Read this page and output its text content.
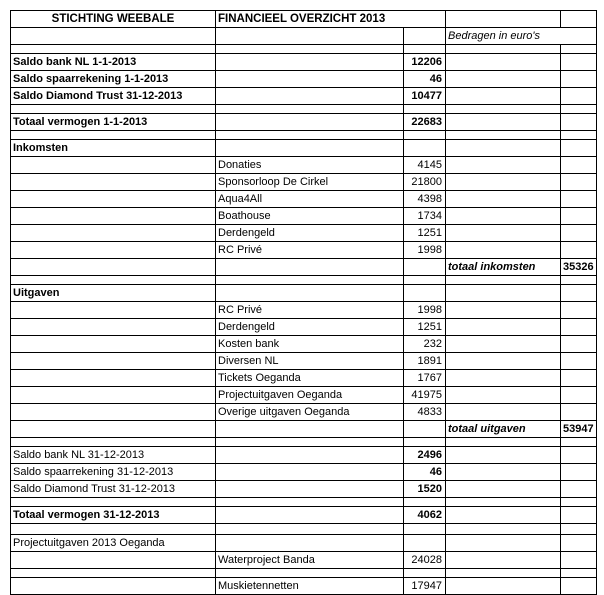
STICHTING WEEBALE	FINANCIEEL OVERZICHT 2013			
			Bedragen in euro's	

Saldo bank NL 1-1-2013		12206		
Saldo spaarrekening 1-1-2013		46		
Saldo Diamond Trust 31-12-2013		10477		

Totaal vermogen 1-1-2013		22683		

Inkomsten				
	Donaties	4145		
	Sponsorloop De Cirkel	21800		
	Aqua4All	4398		
	Boathouse	1734		
	Derdengeld	1251		
	RC Privé	1998		
			totaal inkomsten	35326

Uitgaven				
	RC Privé	1998		
	Derdengeld	1251		
	Kosten bank	232		
	Diversen NL	1891		
	Tickets Oeganda	1767		
	Projectuitgaven Oeganda	41975		
	Overige uitgaven Oeganda	4833		
			totaal uitgaven	53947

Saldo bank NL 31-12-2013		2496		
Saldo spaarrekening 31-12-2013		46		
Saldo Diamond Trust 31-12-2013		1520		

Totaal vermogen 31-12-2013		4062		

Projectuitgaven 2013 Oeganda				
	Waterproject Banda	24028		

	Muskietennetten	17947		
